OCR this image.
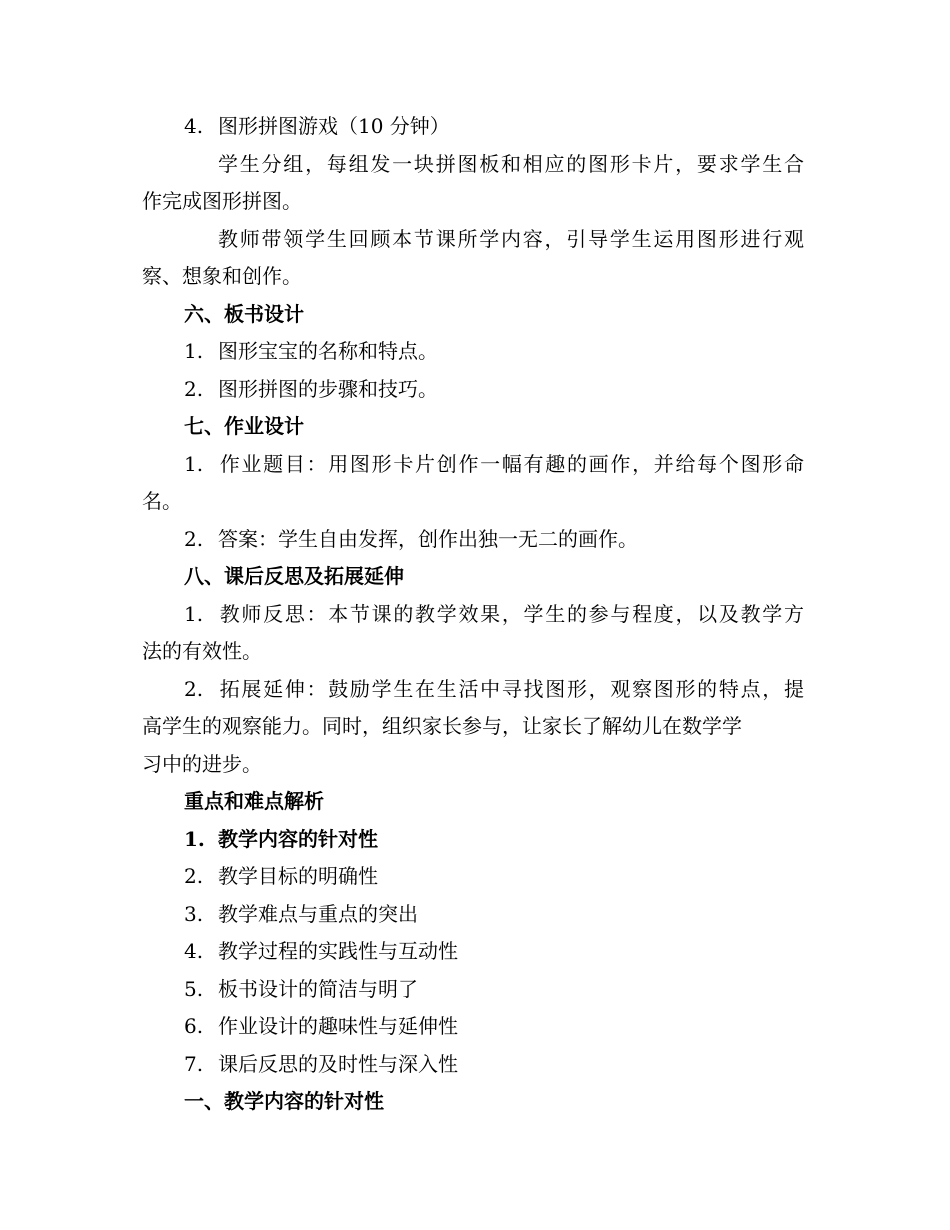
4. 图形拼图游戏（10 分钟）
学生分组，每组发一块拼图板和相应的图形卡片，要求学生合
作完成图形拼图。
教师带领学生回顾本节课所学内容，引导学生运用图形进行观
察、想象和创作。
六、板书设计
1. 图形宝宝的名称和特点。
2. 图形拼图的步骤和技巧。
七、作业设计
1. 作业题目：用图形卡片创作一幅有趣的画作，并给每个图形命
名。
2. 答案：学生自由发挥，创作出独一无二的画作。
八、课后反思及拓展延伸
1. 教师反思：本节课的教学效果，学生的参与程度，以及教学方
法的有效性。
2. 拓展延伸：鼓励学生在生活中寻找图形，观察图形的特点，提
高学生的观察能力。同时，组织家长参与，让家长了解幼儿在数学学
习中的进步。
重点和难点解析
1. 教学内容的针对性
2. 教学目标的明确性
3. 教学难点与重点的突出
4. 教学过程的实践性与互动性
5. 板书设计的简洁与明了
6. 作业设计的趣味性与延伸性
7. 课后反思的及时性与深入性
一、教学内容的针对性
